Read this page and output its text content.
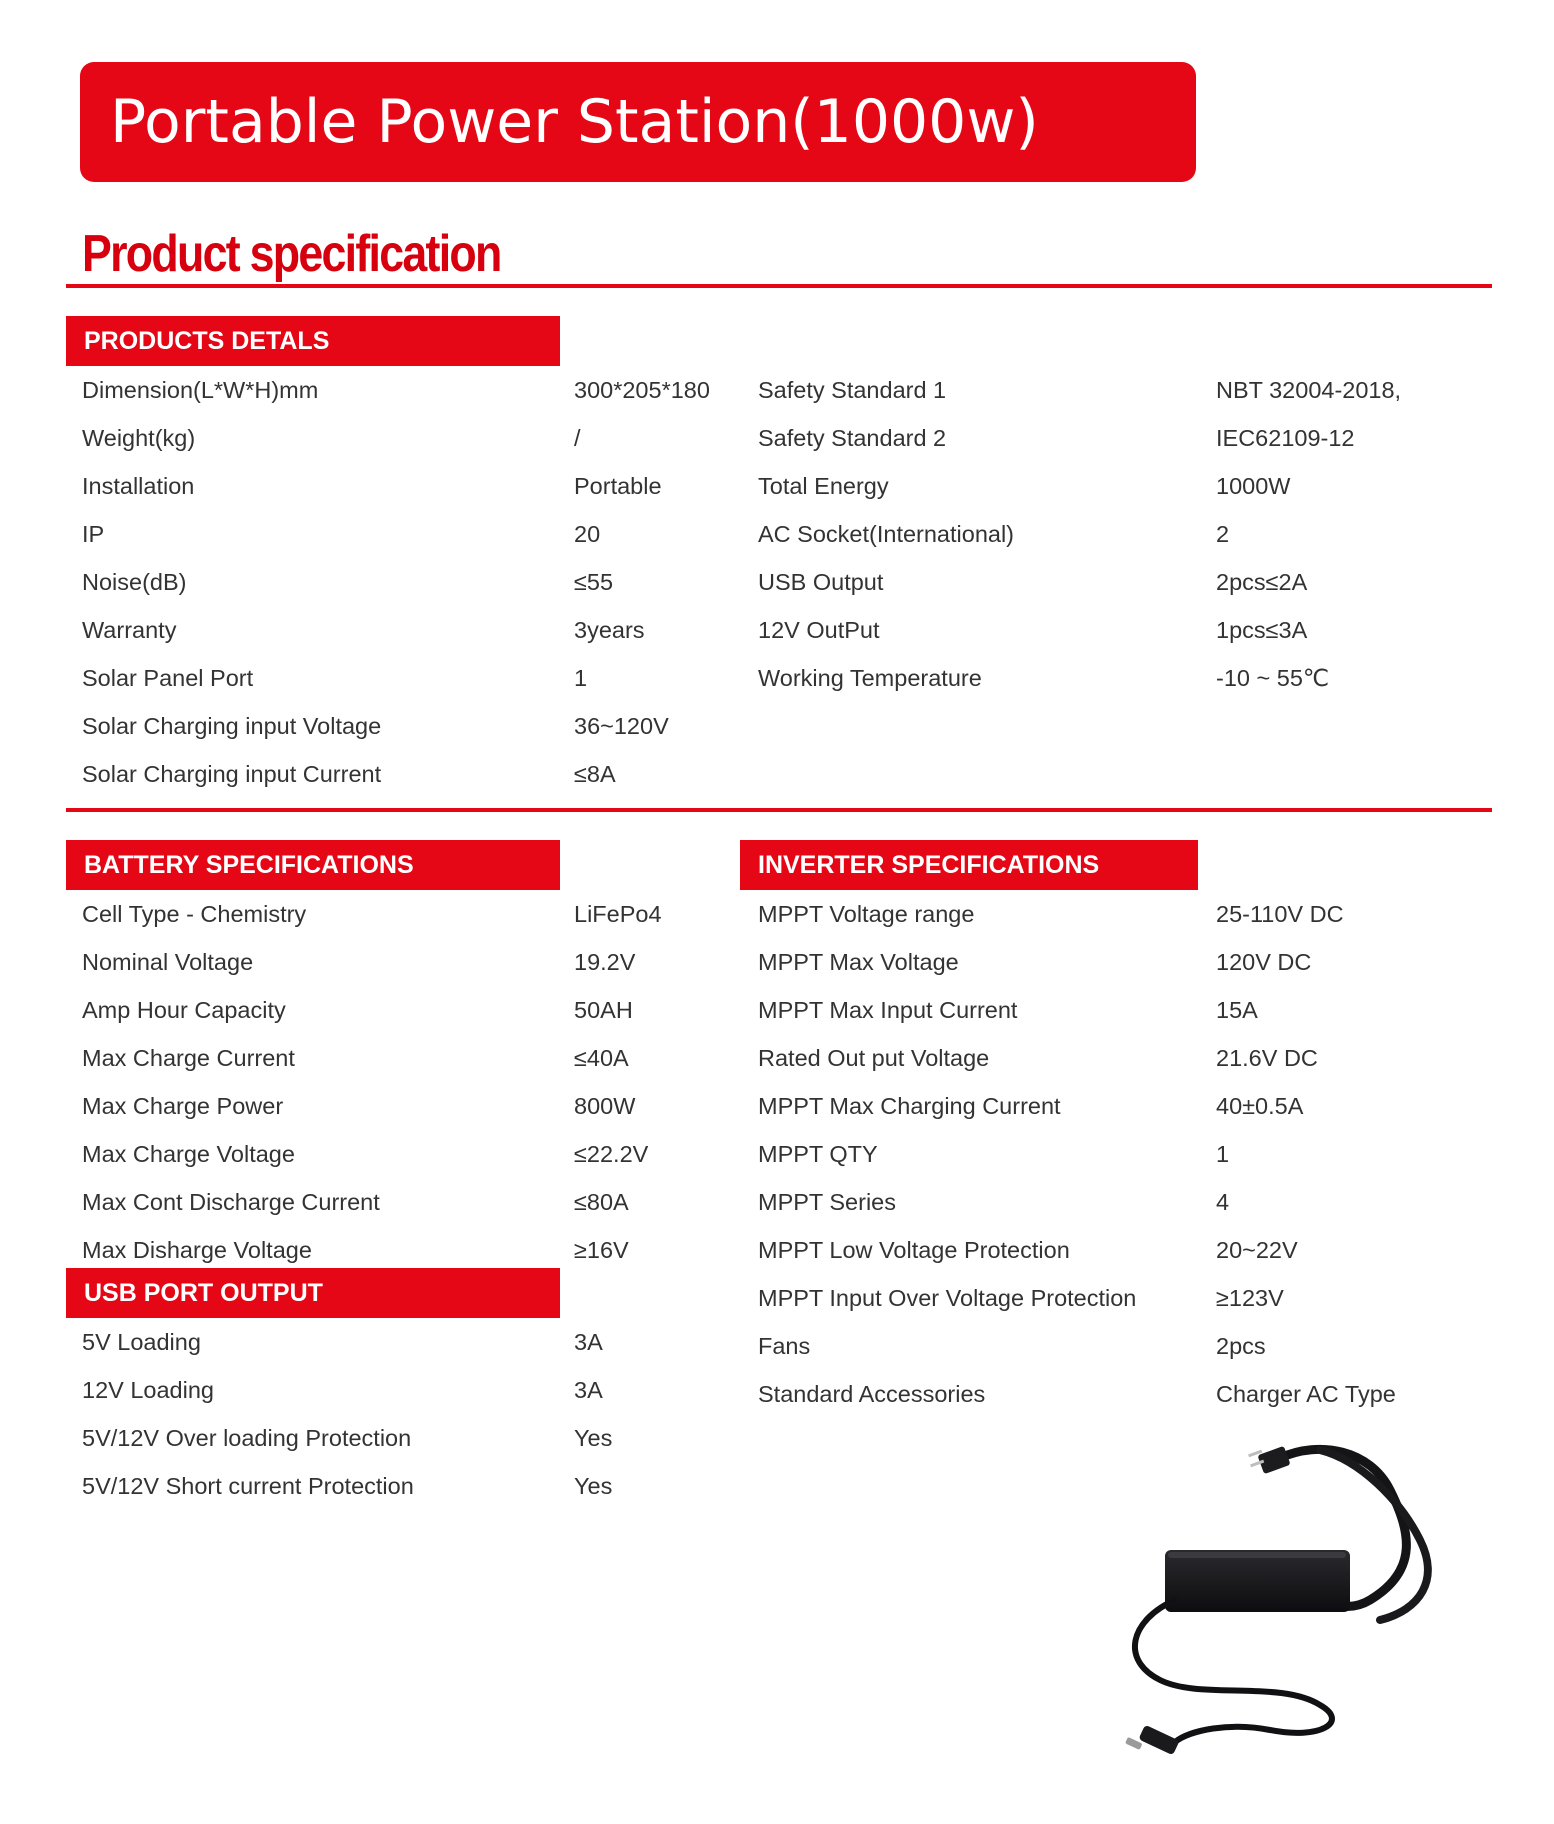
Portable Power Station(1000w)
Product specification
PRODUCTS DETALS
BATTERY SPECIFICATIONS	INVERTER SPECIFICATIONS
USB PORT OUTPUT
Dimension(L*W*H)mm	300*205*180
Weight(kg)	/
Installation	Portable
IP	20
Noise(dB)	≤55
Warranty	3years
Solar Panel Port	1
Solar Charging input Voltage	36~120V
Solar Charging input Current	≤8A
Safety Standard 1	NBT 32004-2018,
Safety Standard 2	IEC62109-12
Total Energy	1000W
AC Socket(International)	2
USB Output	2pcs≤2A
12V OutPut	1pcs≤3A
Working Temperature	-10 ~ 55℃
Cell Type - Chemistry	LiFePo4
Nominal Voltage	19.2V
Amp Hour Capacity	50AH
Max Charge Current	≤40A
Max Charge Power	800W
Max Charge Voltage	≤22.2V
Max Cont Discharge Current	≤80A
Max Disharge Voltage	≥16V
5V Loading	3A
12V Loading	3A
5V/12V Over loading Protection	Yes
5V/12V Short current Protection	Yes
MPPT Voltage range	25-110V DC
MPPT Max Voltage	120V DC
MPPT Max Input Current	15A
Rated Out put Voltage	21.6V DC
MPPT Max Charging Current	40±0.5A
MPPT QTY	1
MPPT Series	4
MPPT Low Voltage Protection	20~22V
MPPT Input Over Voltage Protection	≥123V
Fans	2pcs
Standard Accessories	Charger AC Type
